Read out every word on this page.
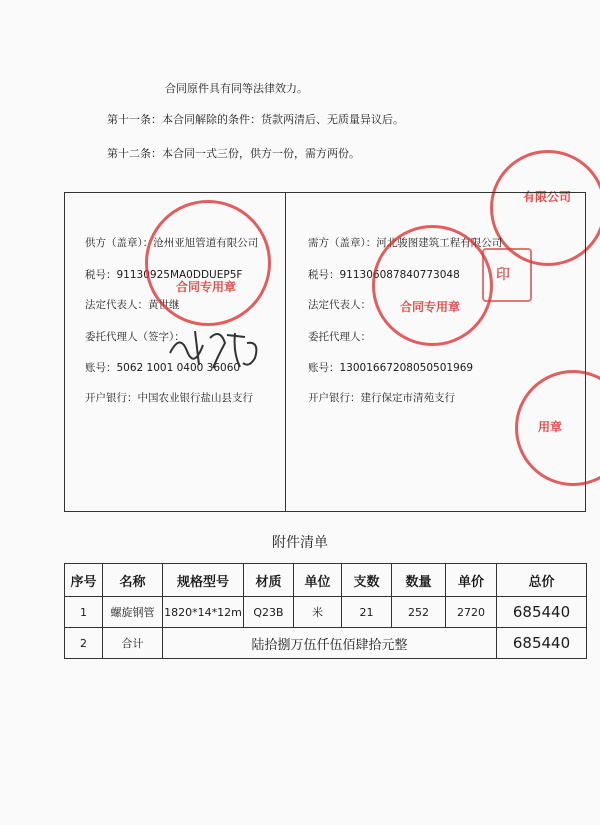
合同原件具有同等法律效力。
第十一条：本合同解除的条件：货款两清后、无质量异议后。
第十二条：本合同一式三份，供方一份，需方两份。
有限公司
供方（盖章）：沧州亚旭管道有限公司
税号：91130925MA0DDUEP5F
法定代表人：黄世继
委托代理人（签字）：
账号：5062 1001 0400 36060
开户银行：中国农业银行盐山县支行
需方（盖章）：河北骏图建筑工程有限公司
税号：911306087840773048
法定代表人：
委托代理人：
账号：13001667208050501969
开户银行：建行保定市清苑支行
合同专用章
合同专用章
印
用章
附件清单
序号	名称	规格型号	材质	单位	支数	数量	单价	总价
1	螺旋钢管	1820*14*12m	Q23B	米	21	252	2720	685440
2	合计	陆拾捌万伍仟伍佰肆拾元整						685440
